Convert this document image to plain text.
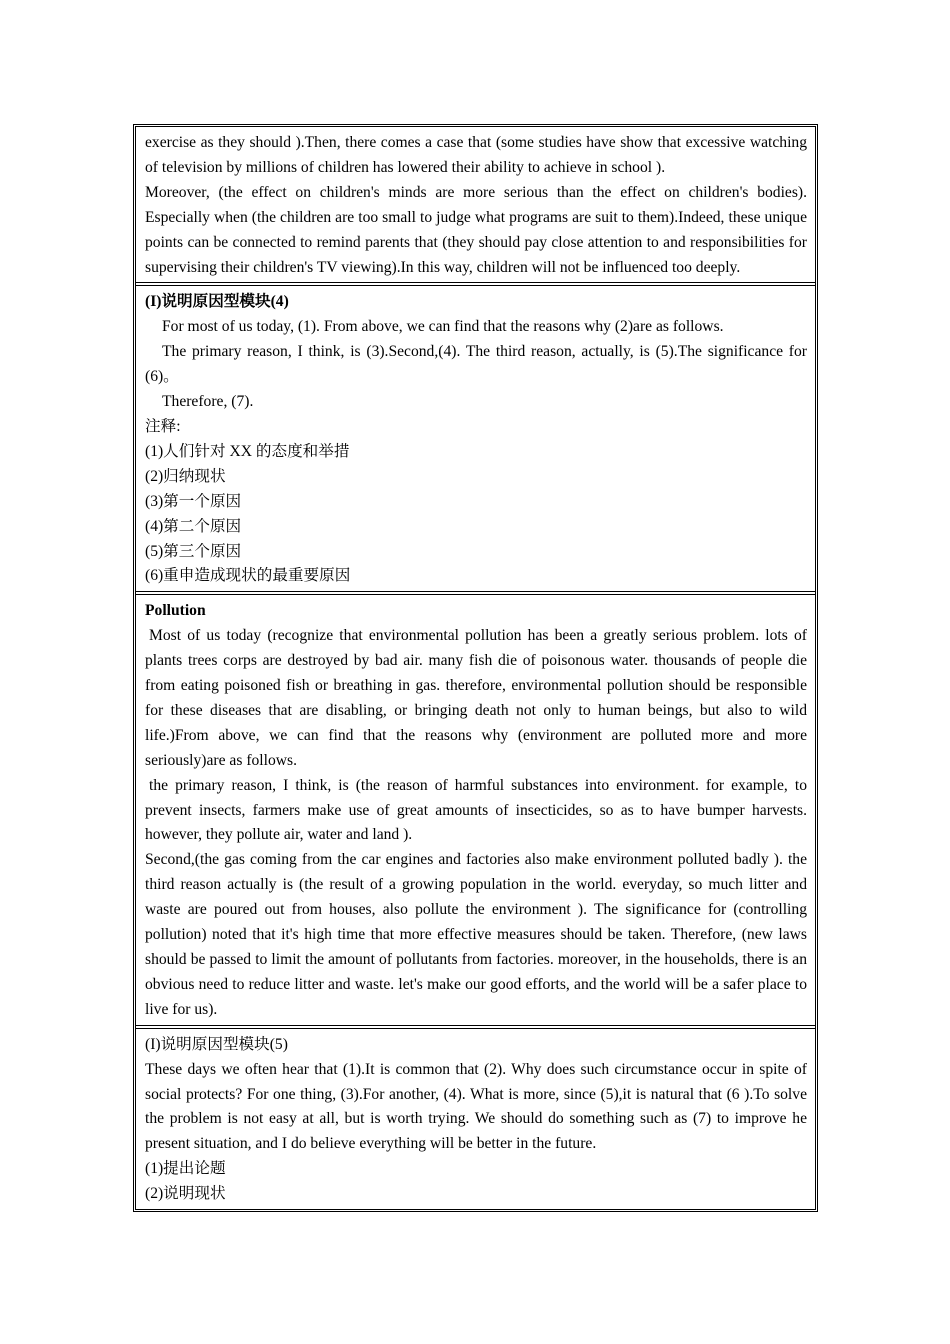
exercise as they should ).Then, there comes a case that (some studies have show that excessive watching of television by millions of children has lowered their ability to achieve in school ).

Moreover, (the effect on children's minds are more serious than the effect on children's bodies). Especially when (the children are too small to judge what programs are suit to them).Indeed, these unique points can be connected to remind parents that (they should pay close attention to and responsibilities for supervising their children's TV viewing).In this way, children will not be influenced too deeply.

(I)说明原因型模块(4)

For most of us today, (1). From above, we can find that the reasons why (2)are as follows.

The primary reason, I think, is (3).Second,(4). The third reason, actually, is (5).The significance for (6)。

Therefore, (7).

注释:

(1)人们针对 XX 的态度和举措

(2)归纳现状

(3)第一个原因

(4)第二个原因

(5)第三个原因

(6)重申造成现状的最重要原因

Pollution

Most of us today (recognize that environmental pollution has been a greatly serious problem. lots of plants trees corps are destroyed by bad air. many fish die of poisonous water. thousands of people die from eating poisoned fish or breathing in gas. therefore, environmental pollution should be responsible for these diseases that are disabling, or bringing death not only to human beings, but also to wild life.)From above, we can find that the reasons why (environment are polluted more and more seriously)are as follows.

the primary reason, I think, is (the reason of harmful substances into environment. for example, to prevent insects, farmers make use of great amounts of insecticides, so as to have bumper harvests. however, they pollute air, water and land ).

Second,(the gas coming from the car engines and factories also make environment polluted badly ). the third reason actually is (the result of a growing population in the world. everyday, so much litter and waste are poured out from houses, also pollute the environment ). The significance for (controlling pollution) noted that it's high time that more effective measures should be taken. Therefore, (new laws should be passed to limit the amount of pollutants from factories. moreover, in the households, there is an obvious need to reduce litter and waste. let's make our good efforts, and the world will be a safer place to live for us).

(I)说明原因型模块(5)

These days we often hear that (1).It is common that (2). Why does such circumstance occur in spite of social protects? For one thing, (3).For another, (4). What is more, since (5),it is natural that (6 ).To solve the problem is not easy at all, but is worth trying. We should do something such as (7) to improve he present situation, and I do believe everything will be better in the future.

(1)提出论题

(2)说明现状
